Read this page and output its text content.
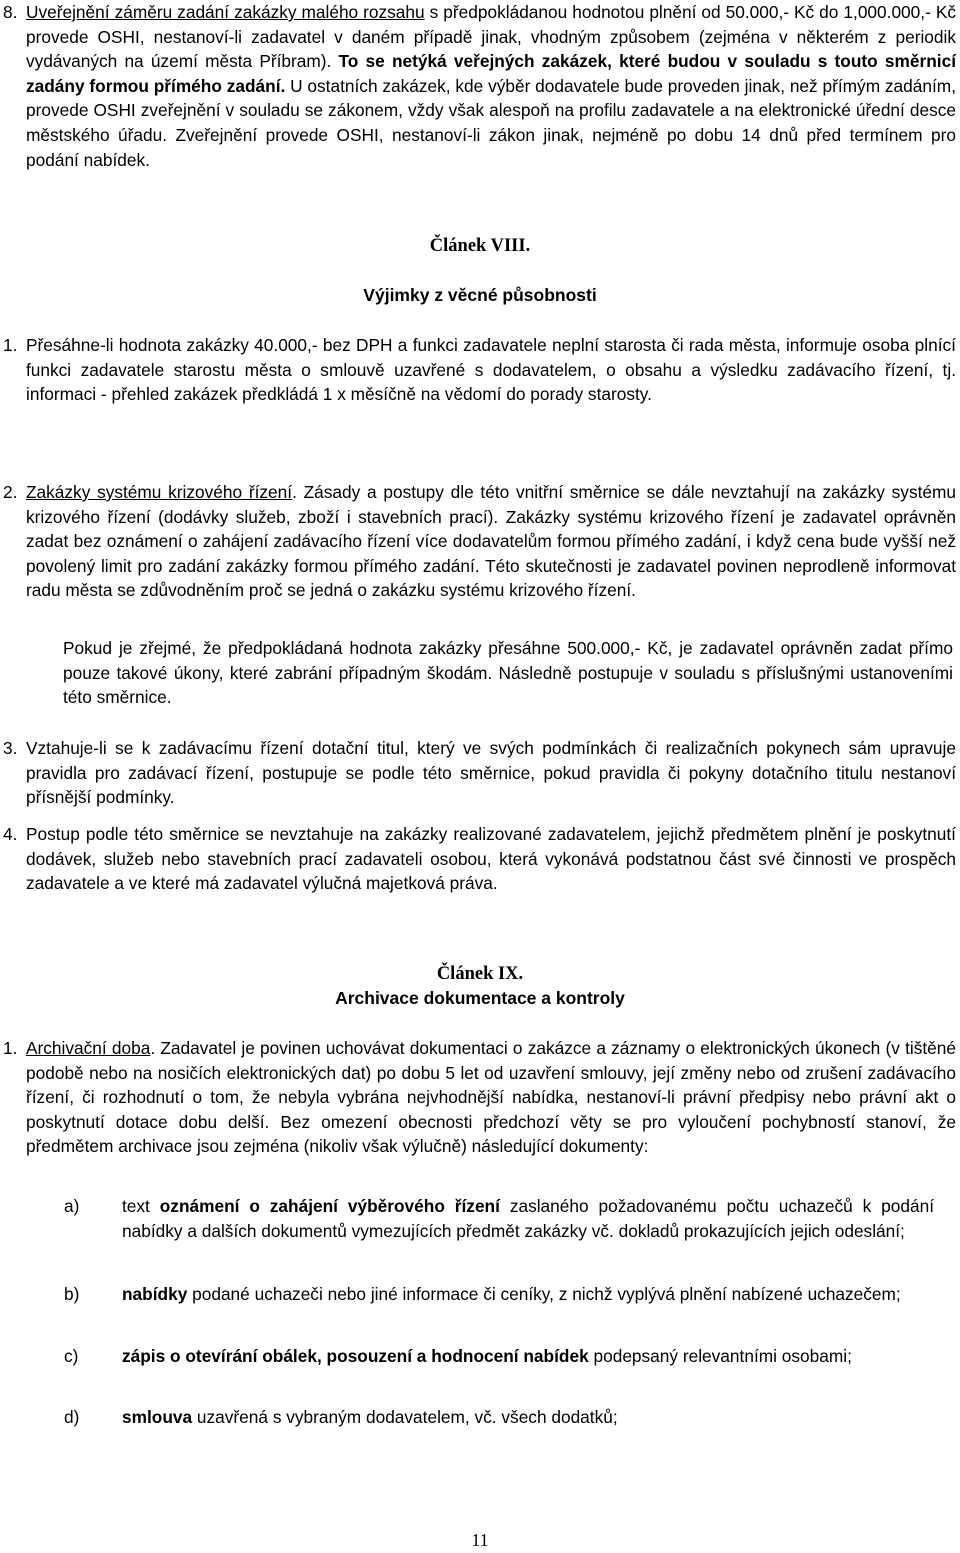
8. Uveřejnění záměru zadání zakázky malého rozsahu s předpokládanou hodnotou plnění od 50.000,- Kč do 1,000.000,- Kč provede OSHI, nestanoví-li zadavatel v daném případě jinak, vhodným způsobem (zejména v některém z periodik vydávaných na území města Příbram). To se netýká veřejných zakázek, které budou v souladu s touto směrnicí zadány formou přímého zadání. U ostatních zakázek, kde výběr dodavatele bude proveden jinak, než přímým zadáním, provede OSHI zveřejnění v souladu se zákonem, vždy však alespoň na profilu zadavatele a na elektronické úřední desce městského úřadu. Zveřejnění provede OSHI, nestanoví-li zákon jinak, nejméně po dobu 14 dnů před termínem pro podání nabídek.

Článek VIII.

Výjimky z věcné působnosti

1. Přesáhne-li hodnota zakázky 40.000,- bez DPH a funkci zadavatele neplní starosta či rada města, informuje osoba plnící funkci zadavatele starostu města o smlouvě uzavřené s dodavatelem, o obsahu a výsledku zadávacího řízení, tj. informaci - přehled zakázek předkládá 1 x měsíčně na vědomí do porady starosty.

2. Zakázky systému krizového řízení. Zásady a postupy dle této vnitřní směrnice se dále nevztahují na zakázky systému krizového řízení (dodávky služeb, zboží i stavebních prací). Zakázky systému krizového řízení je zadavatel oprávněn zadat bez oznámení o zahájení zadávacího řízení více dodavatelům formou přímého zadání, i když cena bude vyšší než povolený limit pro zadání zakázky formou přímého zadání. Této skutečnosti je zadavatel povinen neprodleně informovat radu města se zdůvodněním proč se jedná o zakázku systému krizového řízení.

Pokud je zřejmé, že předpokládaná hodnota zakázky přesáhne 500.000,- Kč, je zadavatel oprávněn zadat přímo pouze takové úkony, které zabrání případným škodám. Následně postupuje v souladu s příslušnými ustanoveními této směrnice.

3. Vztahuje-li se k zadávacímu řízení dotační titul, který ve svých podmínkách či realizačních pokynech sám upravuje pravidla pro zadávací řízení, postupuje se podle této směrnice, pokud pravidla či pokyny dotačního titulu nestanoví přísnější podmínky.

4. Postup podle této směrnice se nevztahuje na zakázky realizované zadavatelem, jejichž předmětem plnění je poskytnutí dodávek, služeb nebo stavebních prací zadavateli osobou, která vykonává podstatnou část své činnosti ve prospěch zadavatele a ve které má zadavatel výlučná majetková práva.

Článek IX.

Archivace dokumentace a kontroly

1. Archivační doba. Zadavatel je povinen uchovávat dokumentaci o zakázce a záznamy o elektronických úkonech (v tištěné podobě nebo na nosičích elektronických dat) po dobu 5 let od uzavření smlouvy, její změny nebo od zrušení zadávacího řízení, či rozhodnutí o tom, že nebyla vybrána nejvhodnější nabídka, nestanoví-li právní předpisy nebo právní akt o poskytnutí dotace dobu delší. Bez omezení obecnosti předchozí věty se pro vyloučení pochybností stanoví, že předmětem archivace jsou zejména (nikoliv však výlučně) následující dokumenty:

a) text oznámení o zahájení výběrového řízení zaslaného požadovanému počtu uchazečů k podání nabídky a dalších dokumentů vymezujících předmět zakázky vč. dokladů prokazujících jejich odeslání;

b) nabídky podané uchazeči nebo jiné informace či ceníky, z nichž vyplývá plnění nabízené uchazečem;

c)	zápis o otevírání obálek, posouzení a hodnocení nabídek podepsaný relevantními osobami;

d) smlouva uzavřená s vybraným dodavatelem, vč. všech dodatků;

11
